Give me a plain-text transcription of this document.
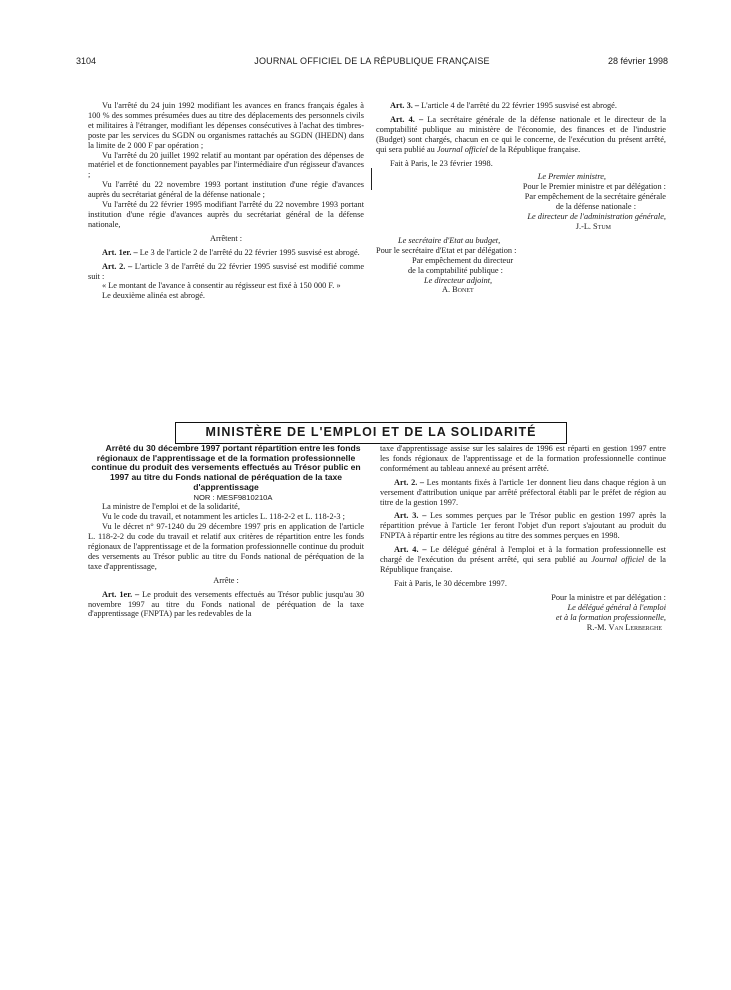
3104	JOURNAL OFFICIEL DE LA RÉPUBLIQUE FRANÇAISE	28 février 1998

Vu l'arrêté du 24 juin 1992 modifiant les avances en francs français égales à 100 % des sommes présumées dues au titre des déplacements des personnels civils et militaires à l'étranger, modifiant les dépenses consécutives à l'achat des timbres-poste par les services du SGDN ou organismes rattachés au SGDN (IHEDN) dans la limite de 2 000 F par opération ;

Vu l'arrêté du 20 juillet 1992 relatif au montant par opération des dépenses de matériel et de fonctionnement payables par l'intermédiaire d'un régisseur d'avances ;

Vu l'arrêté du 22 novembre 1993 portant institution d'une régie d'avances auprès du secrétariat général de la défense nationale ;

Vu l'arrêté du 22 février 1995 modifiant l'arrêté du 22 novembre 1993 portant institution d'une régie d'avances auprès du secrétariat général de la défense nationale,

Arrêtent :

Art. 1er. – Le 3 de l'article 2 de l'arrêté du 22 février 1995 susvisé est abrogé.

Art. 2. – L'article 3 de l'arrêté du 22 février 1995 susvisé est modifié comme suit :

« Le montant de l'avance à consentir au régisseur est fixé à 150 000 F. »

Le deuxième alinéa est abrogé.

Art. 3. – L'article 4 de l'arrêté du 22 février 1995 susvisé est abrogé.

Art. 4. – La secrétaire générale de la défense nationale et le directeur de la comptabilité publique au ministère de l'économie, des finances et de l'industrie (Budget) sont chargés, chacun en ce qui le concerne, de l'exécution du présent arrêté, qui sera publié au Journal officiel de la République française.

Fait à Paris, le 23 février 1998.

Le Premier ministre,

Pour le Premier ministre et par délégation :

Par empêchement de la secrétaire générale

de la défense nationale :

Le directeur de l'administration générale,

J.-L. Stum

Le secrétaire d'Etat au budget,

Pour le secrétaire d'Etat et par délégation :

Par empêchement du directeur

de la comptabilité publique :

Le directeur adjoint,

A. Bonet

MINISTÈRE DE L'EMPLOI ET DE LA SOLIDARITÉ

Arrêté du 30 décembre 1997 portant répartition entre les fonds régionaux de l'apprentissage et de la formation professionnelle continue du produit des versements effectués au Trésor public en 1997 au titre du Fonds national de péréquation de la taxe d'apprentissage

NOR : MESF9810210A

La ministre de l'emploi et de la solidarité,

Vu le code du travail, et notamment les articles L. 118-2-2 et L. 118-2-3 ;

Vu le décret n° 97-1240 du 29 décembre 1997 pris en application de l'article L. 118-2-2 du code du travail et relatif aux critères de répartition entre les fonds régionaux de l'apprentissage et de la formation professionnelle continue du produit des versements au Trésor public au titre du Fonds national de péréquation de la taxe d'apprentissage,

Arrête :

Art. 1er. – Le produit des versements effectués au Trésor public jusqu'au 30 novembre 1997 au titre du Fonds national de péréquation de la taxe d'apprentissage (FNPTA) par les redevables de la

taxe d'apprentissage assise sur les salaires de 1996 est réparti en gestion 1997 entre les fonds régionaux de l'apprentissage et de la formation professionnelle continue conformément au tableau annexé au présent arrêté.

Art. 2. – Les montants fixés à l'article 1er donnent lieu dans chaque région à un versement d'attribution unique par arrêté préfectoral établi par le préfet de région au titre de la gestion 1997.

Art. 3. – Les sommes perçues par le Trésor public en gestion 1997 après la répartition prévue à l'article 1er feront l'objet d'un report s'ajoutant au produit du FNPTA à répartir entre les régions au titre des sommes perçues en 1998.

Art. 4. – Le délégué général à l'emploi et à la formation professionnelle est chargé de l'exécution du présent arrêté, qui sera publié au Journal officiel de la République française.

Fait à Paris, le 30 décembre 1997.

Pour la ministre et par délégation :

Le délégué général à l'emploi

et à la formation professionnelle,

R.-M. Van Lerberghe
